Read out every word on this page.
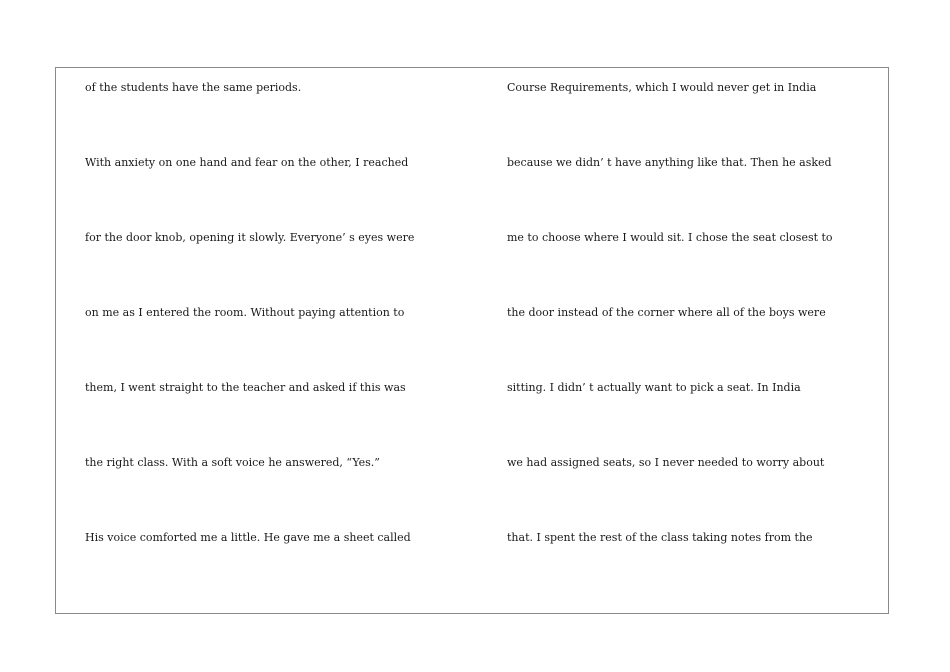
of the students have the same periods.
With anxiety on one hand and fear on the other, I reached
for the door knob, opening it slowly. Everyone’ s eyes were
on me as I entered the room. Without paying attention to
them, I went straight to the teacher and asked if this was
the right class. With a soft voice he answered, “Yes.”
His voice comforted me a little. He gave me a sheet called
Course Requirements, which I would never get in India
because we didn’ t have anything like that. Then he asked
me to choose where I would sit. I chose the seat closest to
the door instead of the corner where all of the boys were
sitting. I didn’ t actually want to pick a seat. In India
we had assigned seats, so I never needed to worry about
that. I spent the rest of the class taking notes from the
